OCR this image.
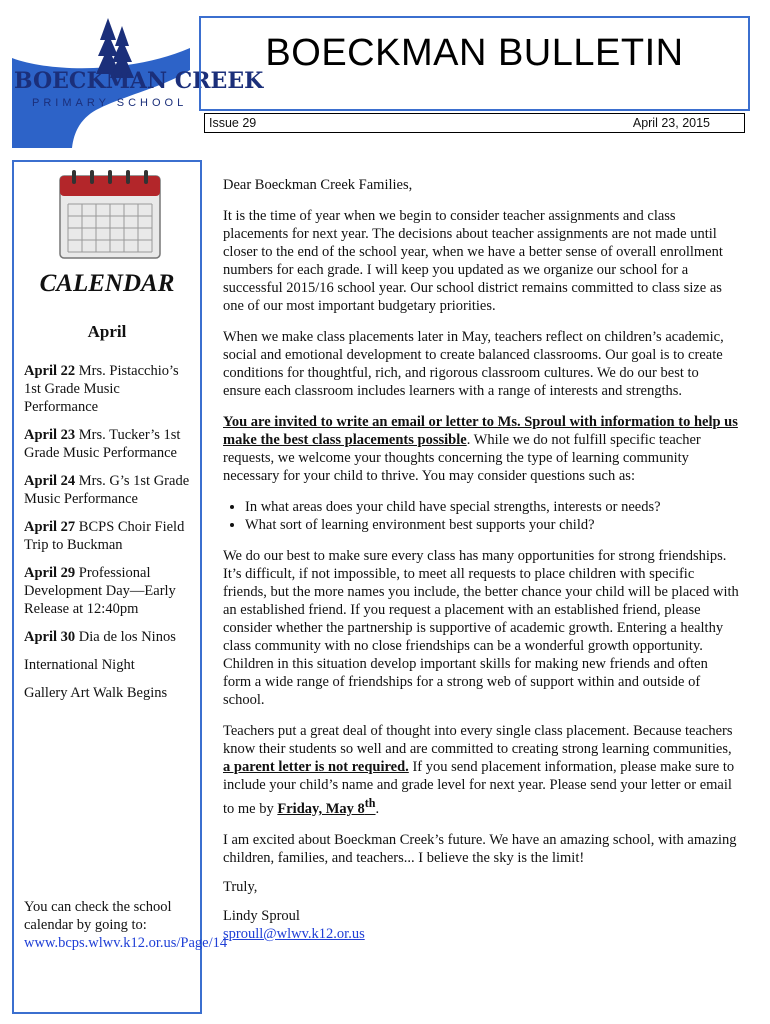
BOECKMAN CREEK
PRIMARY SCHOOL
BOECKMAN BULLETIN
Issue 29	April 23, 2015
CALENDAR
April

April 22 Mrs. Pistacchio’s 1st Grade Music Performance

April 23 Mrs. Tucker’s 1st Grade Music Performance

April 24 Mrs. G’s 1st Grade Music Performance

April 27 BCPS Choir Field Trip to Buckman

April 29 Professional Development Day—Early Release at 12:40pm

April 30 Dia de los Ninos

International Night

Gallery Art Walk Begins

You can check the school calendar by going to:
www.bcps.wlwv.k12.or.us/Page/14

Dear Boeckman Creek Families,

It is the time of year when we begin to consider teacher assignments and class placements for next year. The decisions about teacher assignments are not made until closer to the end of the school year, when we have a better sense of overall enrollment numbers for each grade. I will keep you updated as we organize our school for a successful 2015/16 school year. Our school district remains committed to class size as one of our most important budgetary priorities.

When we make class placements later in May, teachers reflect on children’s academic, social and emotional development to create balanced classrooms. Our goal is to create conditions for thoughtful, rich, and rigorous classroom cultures. We do our best to ensure each classroom includes learners with a range of interests and strengths.

You are invited to write an email or letter to Ms. Sproul with information to help us make the best class placements possible. While we do not fulfill specific teacher requests, we welcome your thoughts concerning the type of learning community necessary for your child to thrive. You may consider questions such as:

• In what areas does your child have special strengths, interests or needs?
• What sort of learning environment best supports your child?

We do our best to make sure every class has many opportunities for strong friendships. It’s difficult, if not impossible, to meet all requests to place children with specific friends, but the more names you include, the better chance your child will be placed with an established friend. If you request a placement with an established friend, please consider whether the partnership is supportive of academic growth. Entering a healthy class community with no close friendships can be a wonderful growth opportunity. Children in this situation develop important skills for making new friends and often form a wide range of friendships for a strong web of support within and outside of school.

Teachers put a great deal of thought into every single class placement. Because teachers know their students so well and are committed to creating strong learning communities, a parent letter is not required. If you send placement information, please make sure to include your child’s name and grade level for next year. Please send your letter or email to me by Friday, May 8th.

I am excited about Boeckman Creek’s future. We have an amazing school, with amazing children, families, and teachers... I believe the sky is the limit!

Truly,

Lindy Sproul

sproull@wlwv.k12.or.us
